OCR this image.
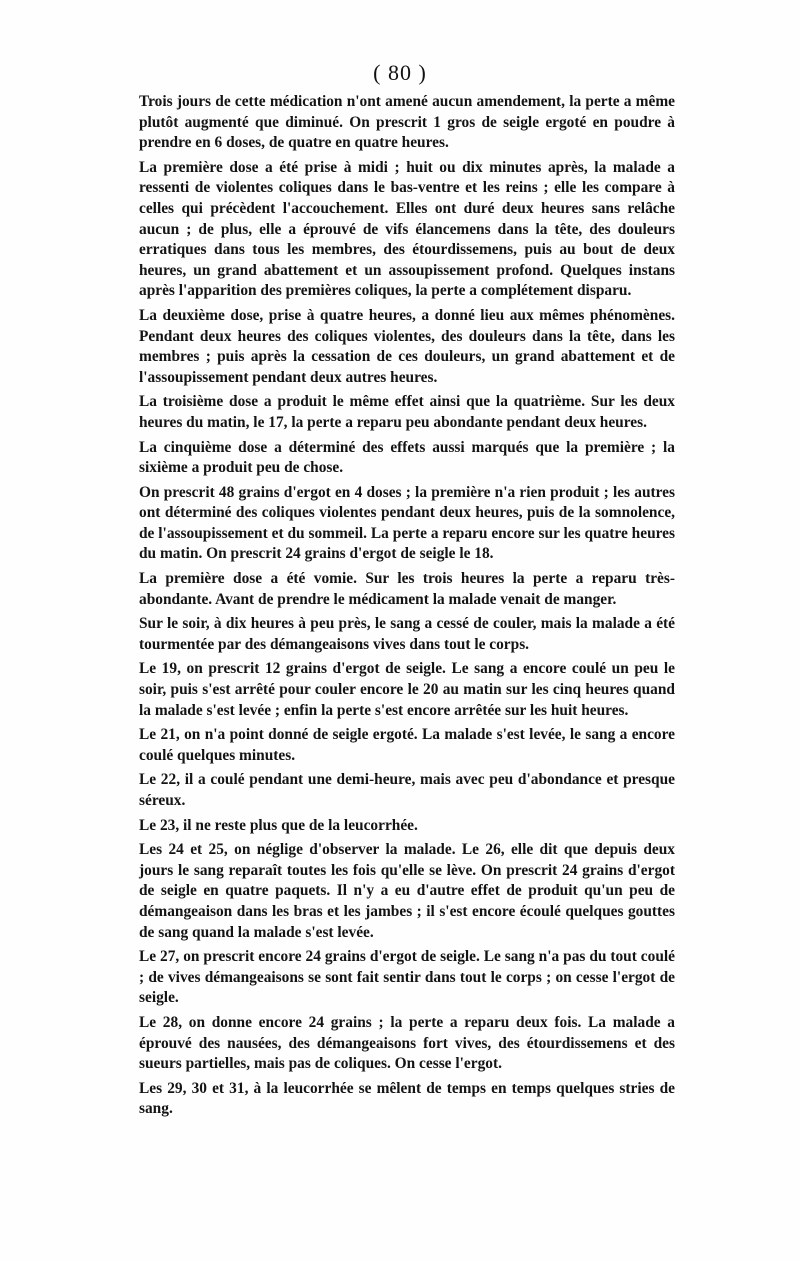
( 80 )

Trois jours de cette médication n'ont amené aucun amendement, la perte a même plutôt augmenté que diminué. On prescrit 1 gros de seigle ergoté en poudre à prendre en 6 doses, de quatre en quatre heures.

La première dose a été prise à midi ; huit ou dix minutes après, la malade a ressenti de violentes coliques dans le bas-ventre et les reins ; elle les compare à celles qui précèdent l'accouchement. Elles ont duré deux heures sans relâche aucun ; de plus, elle a éprouvé de vifs élancemens dans la tête, des douleurs erratiques dans tous les membres, des étourdissemens, puis au bout de deux heures, un grand abattement et un assoupissement profond. Quelques instans après l'apparition des premières coliques, la perte a complétement disparu.

La deuxième dose, prise à quatre heures, a donné lieu aux mêmes phénomènes. Pendant deux heures des coliques violentes, des douleurs dans la tête, dans les membres ; puis après la cessation de ces douleurs, un grand abattement et de l'assoupissement pendant deux autres heures.

La troisième dose a produit le même effet ainsi que la quatrième. Sur les deux heures du matin, le 17, la perte a reparu peu abondante pendant deux heures.

La cinquième dose a déterminé des effets aussi marqués que la première ; la sixième a produit peu de chose.

On prescrit 48 grains d'ergot en 4 doses ; la première n'a rien produit ; les autres ont déterminé des coliques violentes pendant deux heures, puis de la somnolence, de l'assoupissement et du sommeil. La perte a reparu encore sur les quatre heures du matin. On prescrit 24 grains d'ergot de seigle le 18.

La première dose a été vomie. Sur les trois heures la perte a reparu très-abondante. Avant de prendre le médicament la malade venait de manger.

Sur le soir, à dix heures à peu près, le sang a cessé de couler, mais la malade a été tourmentée par des démangeaisons vives dans tout le corps.

Le 19, on prescrit 12 grains d'ergot de seigle. Le sang a encore coulé un peu le soir, puis s'est arrêté pour couler encore le 20 au matin sur les cinq heures quand la malade s'est levée ; enfin la perte s'est encore arrêtée sur les huit heures.

Le 21, on n'a point donné de seigle ergoté. La malade s'est levée, le sang a encore coulé quelques minutes.

Le 22, il a coulé pendant une demi-heure, mais avec peu d'abondance et presque séreux.

Le 23, il ne reste plus que de la leucorrhée.

Les 24 et 25, on néglige d'observer la malade. Le 26, elle dit que depuis deux jours le sang reparaît toutes les fois qu'elle se lève. On prescrit 24 grains d'ergot de seigle en quatre paquets. Il n'y a eu d'autre effet de produit qu'un peu de démangeaison dans les bras et les jambes ; il s'est encore écoulé quelques gouttes de sang quand la malade s'est levée.

Le 27, on prescrit encore 24 grains d'ergot de seigle. Le sang n'a pas du tout coulé ; de vives démangeaisons se sont fait sentir dans tout le corps ; on cesse l'ergot de seigle.

Le 28, on donne encore 24 grains ; la perte a reparu deux fois. La malade a éprouvé des nausées, des démangeaisons fort vives, des étourdissemens et des sueurs partielles, mais pas de coliques. On cesse l'ergot.

Les 29, 30 et 31, à la leucorrhée se mêlent de temps en temps quelques stries de sang.
